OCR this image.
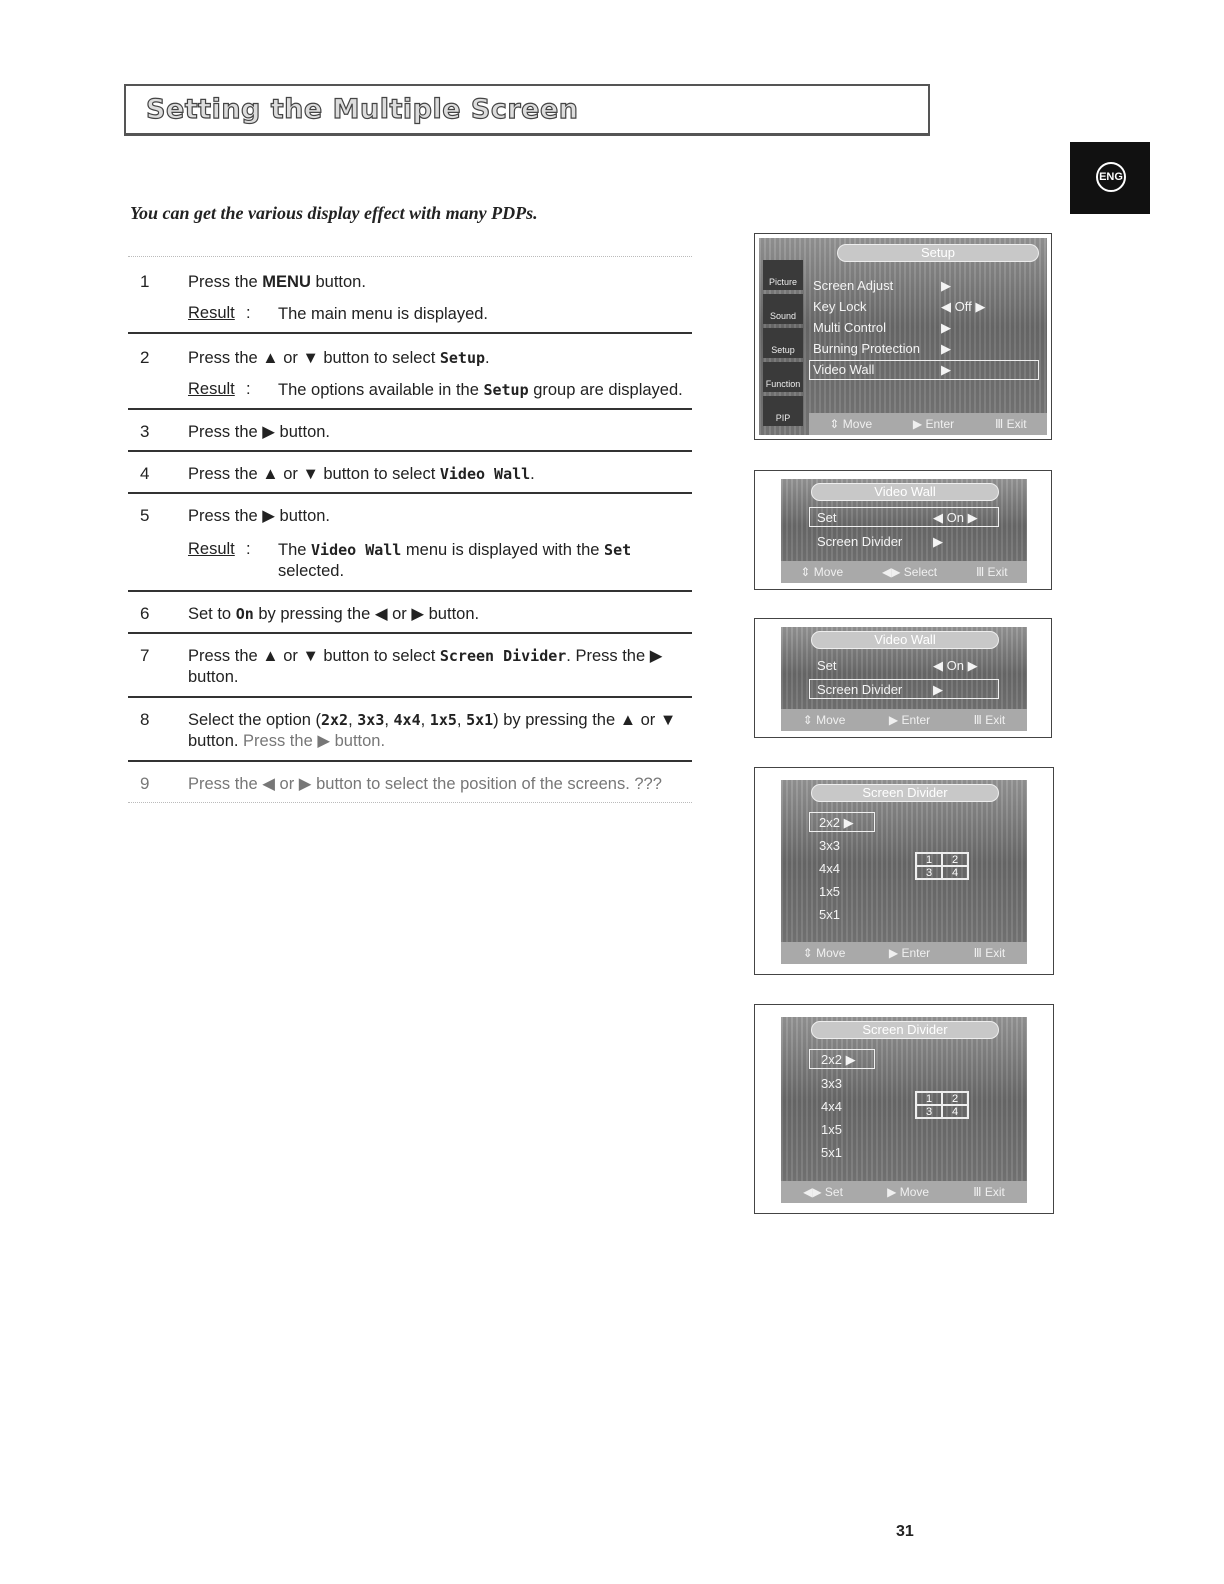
Setting the Multiple Screen
ENG
You can get the various display effect with many PDPs.
1 Press the MENU button.
Result : The main menu is displayed.
2 Press the ▲ or ▼ button to select Setup.
Result : The options available in the Setup group are displayed.
3 Press the ▶ button.
4 Press the ▲ or ▼ button to select Video Wall.
5 Press the ▶ button.
Result : The Video Wall menu is displayed with the Set selected.
6 Set to On by pressing the ◀ or ▶ button.
7 Press the ▲ or ▼ button to select Screen Divider. Press the ▶ button.
8 Select the option (2x2, 3x3, 4x4, 1x5, 5x1) by pressing the ▲ or ▼ button. Press the ▶ button.
9 Press the ◀ or ▶ button to select the position of the screens. ???
Setup
Picture
Sound
Setup
Function
PIP
Screen Adjust	▶
Key Lock	◀ Off ▶
Multi Control	▶
Burning Protection ▶
Video Wall	▶
⇕ Move	▶ Enter	Ⅲ Exit
Video Wall
Set	◀ On ▶
Screen Divider ▶
⇕ Move	◀▶ Select	Ⅲ Exit
Video Wall
Set	◀ On ▶
Screen Divider ▶
⇕ Move	▶ Enter	Ⅲ Exit
Screen Divider
2x2 ▶
3x3
4x4
1x5
5x1
1	2
3	4
⇕ Move	▶ Enter	Ⅲ Exit
Screen Divider
2x2 ▶
3x3
4x4
1x5
5x1
1	2
3	4
◀▶ Set	▶ Move	Ⅲ Exit
31
